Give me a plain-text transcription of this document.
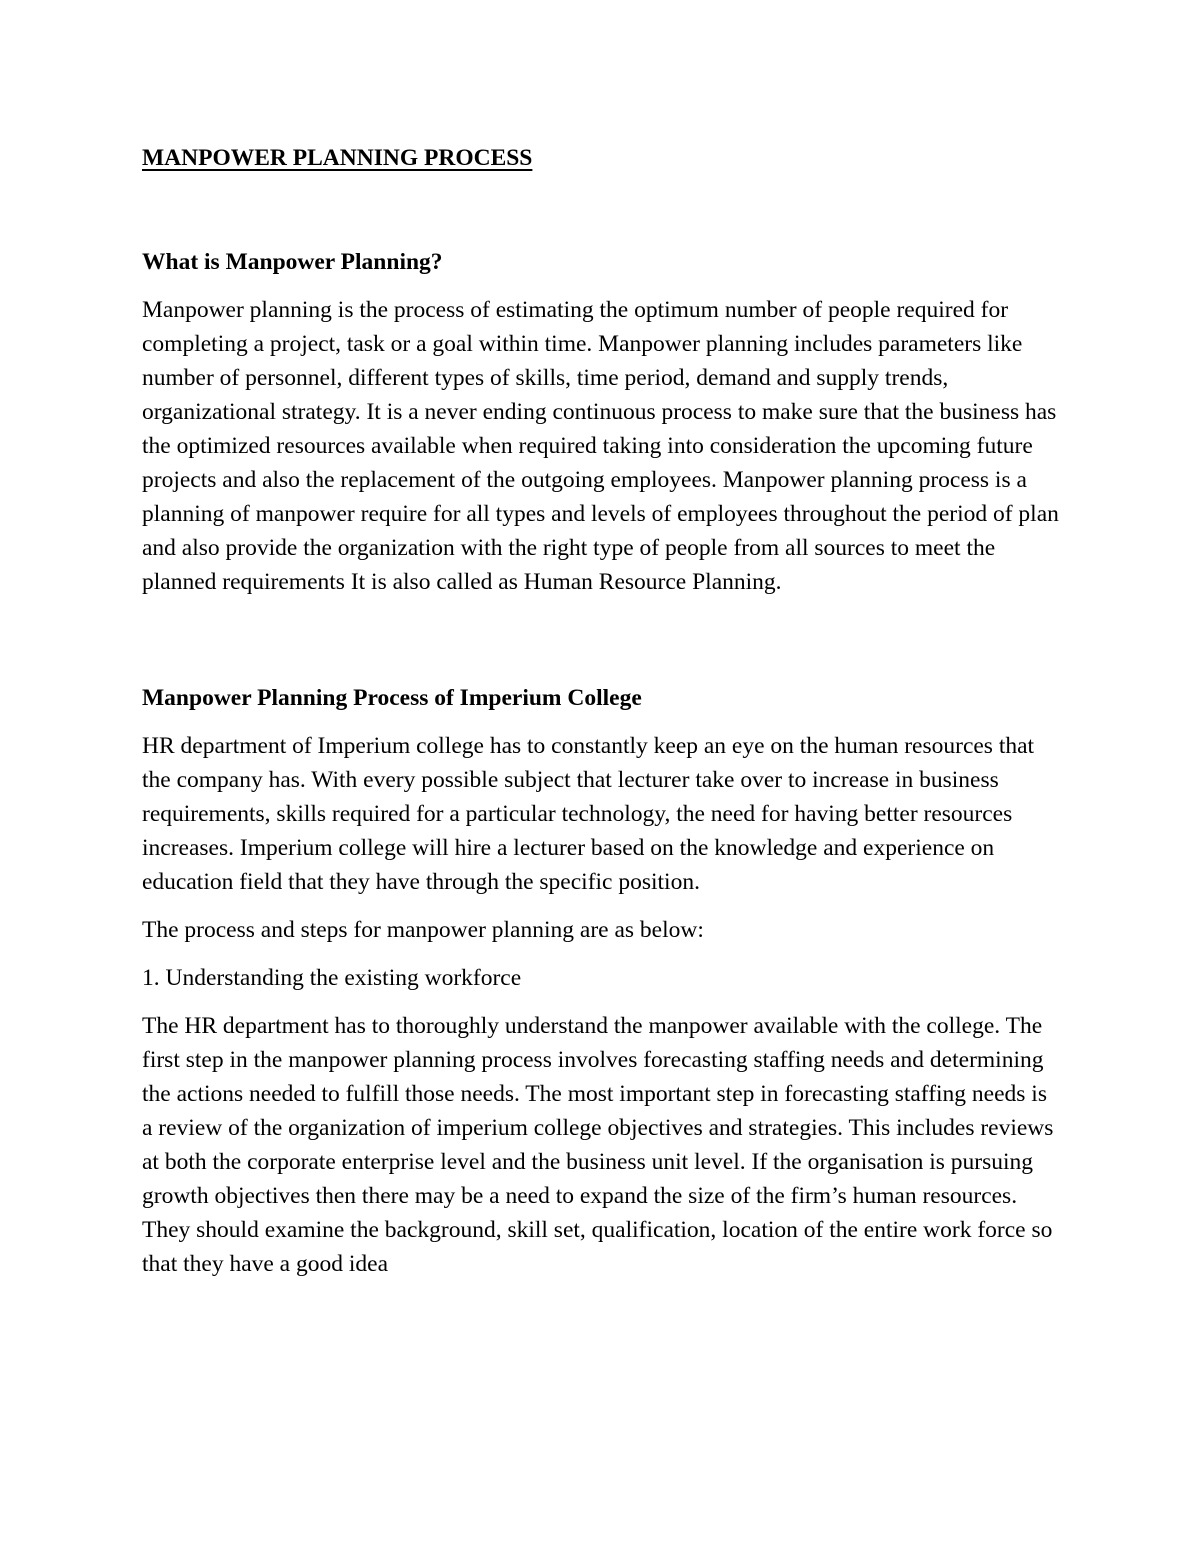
MANPOWER PLANNING PROCESS
What is Manpower Planning?

Manpower planning is the process of estimating the optimum number of people required for completing a project, task or a goal within time. Manpower planning includes parameters like number of personnel, different types of skills, time period, demand and supply trends, organizational strategy. It is a never ending continuous process to make sure that the business has the optimized resources available when required taking into consideration the upcoming future projects and also the replacement of the outgoing employees. Manpower planning process is a planning of manpower require for all types and levels of employees throughout the period of plan and also provide the organization with the right type of people from all sources to meet the planned requirements It is also called as Human Resource Planning.

Manpower Planning Process of Imperium College

HR department of Imperium college has to constantly keep an eye on the human resources that the company has. With every possible subject that lecturer take over to increase in business requirements, skills required for a particular technology, the need for having better resources increases. Imperium college will hire a lecturer based on the knowledge and experience on education field that they have through the specific position.

The process and steps for manpower planning are as below:

1. Understanding the existing workforce

The HR department has to thoroughly understand the manpower available with the college. The first step in the manpower planning process involves forecasting staffing needs and determining the actions needed to fulfill those needs. The most important step in forecasting staffing needs is a review of the organization of imperium college objectives and strategies. This includes reviews at both the corporate enterprise level and the business unit level. If the organisation is pursuing growth objectives then there may be a need to expand the size of the firm’s human resources. They should examine the background, skill set, qualification, location of the entire work force so that they have a good idea
